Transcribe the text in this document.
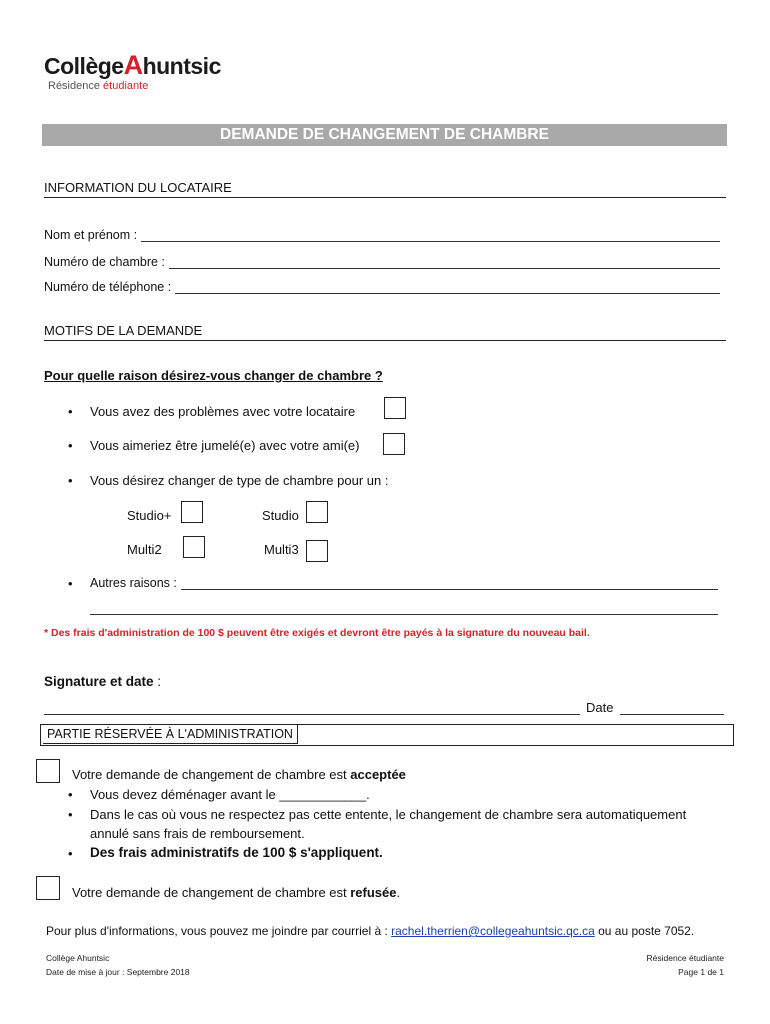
CollègeAhuntsic
Résidence étudiante
DEMANDE DE CHANGEMENT DE CHAMBRE
INFORMATION DU LOCATAIRE
Nom et prénom :
Numéro de chambre :
Numéro de téléphone :
MOTIFS DE LA DEMANDE
Pour quelle raison désirez-vous changer de chambre ?
• Vous avez des problèmes avec votre locataire
• Vous aimeriez être jumelé(e) avec votre ami(e)
• Vous désirez changer de type de chambre pour un :
Studio+	Studio
Multi2	Multi3
• Autres raisons :
* Des frais d'administration de 100 $ peuvent être exigés et devront être payés à la signature du nouveau bail.
Signature et date :
Date
PARTIE RÉSERVÉE À L'ADMINISTRATION
Votre demande de changement de chambre est acceptée
• Vous devez déménager avant le ____________.
• Dans le cas où vous ne respectez pas cette entente, le changement de chambre sera automatiquement
annulé sans frais de remboursement.
• Des frais administratifs de 100 $ s'appliquent.
Votre demande de changement de chambre est refusée.
Pour plus d'informations, vous pouvez me joindre par courriel à : rachel.therrien@collegeahuntsic.qc.ca ou au poste 7052.
Collège Ahuntsic
Date de mise à jour : Septembre 2018
Résidence étudiante
Page 1 de 1
